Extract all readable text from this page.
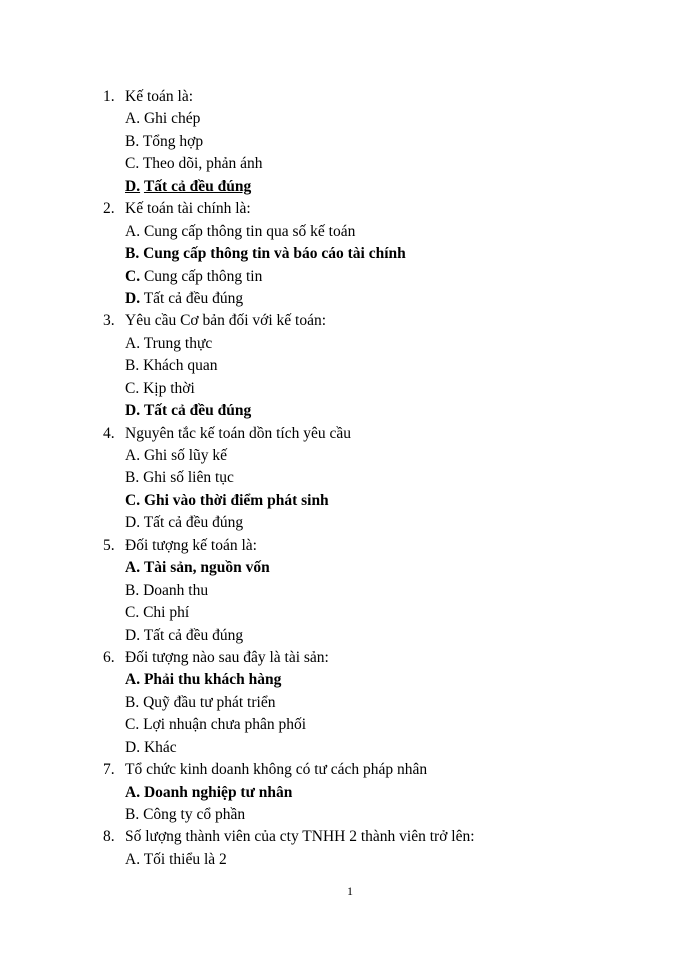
1. Kế toán là:
A. Ghi chép
B. Tổng hợp
C. Theo dõi, phản ánh
D. Tất cả đều đúng
2. Kế toán tài chính là:
A. Cung cấp thông tin qua số kế toán
B. Cung cấp thông tin và báo cáo tài chính
C. Cung cấp thông tin
D. Tất cả đều đúng
3. Yêu cầu Cơ bản đối với kế toán:
A. Trung thực
B. Khách quan
C. Kịp thời
D. Tất cả đều đúng
4. Nguyên tắc kế toán dồn tích yêu cầu
A. Ghi số lũy kế
B. Ghi số liên tục
C. Ghi vào thời điểm phát sinh
D. Tất cả đều đúng
5. Đối tượng kế toán là:
A. Tài sản, nguồn vốn
B. Doanh thu
C. Chi phí
D. Tất cả đều đúng
6. Đối tượng nào sau đây là tài sản:
A. Phải thu khách hàng
B. Quỹ đầu tư phát triển
C. Lợi nhuận chưa phân phối
D. Khác
7. Tổ chức kinh doanh không có tư cách pháp nhân
A. Doanh nghiệp tư nhân
B. Công ty cổ phần
8. Số lượng thành viên của cty TNHH 2 thành viên trở lên:
A. Tối thiểu là 2
1
